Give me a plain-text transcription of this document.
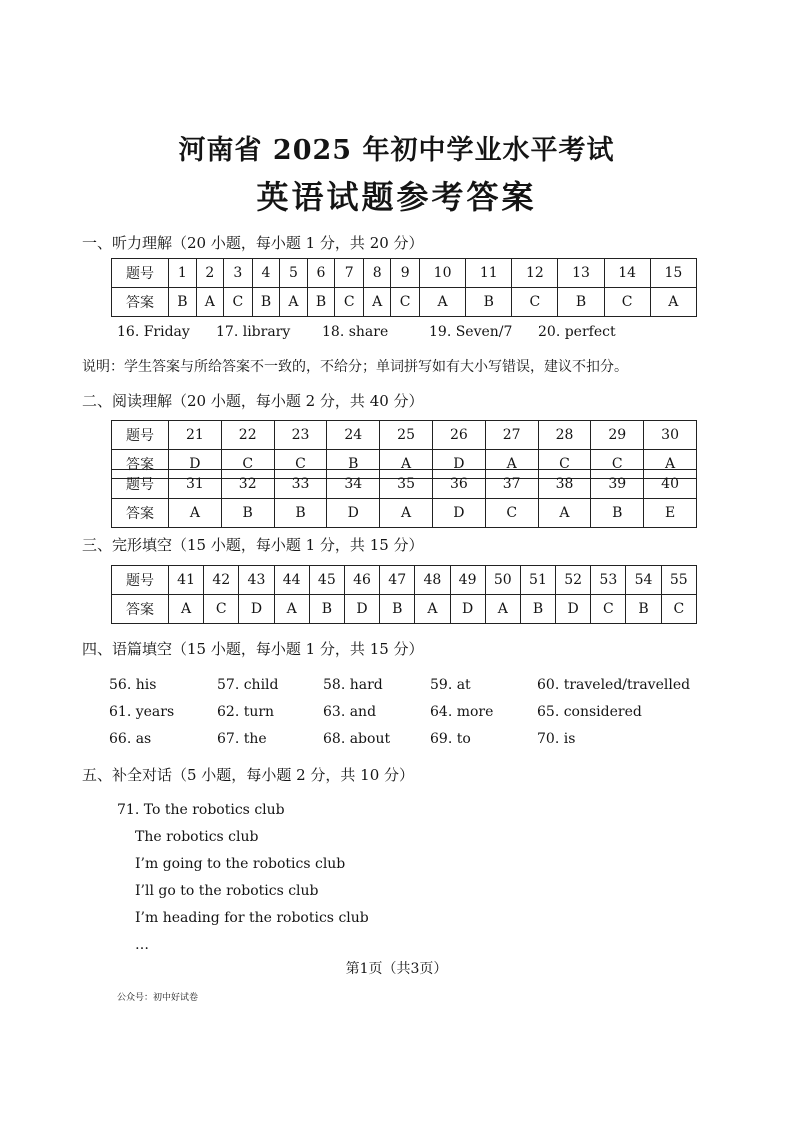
河南省 2025 年初中学业水平考试
英语试题参考答案
一、听力理解（20 小题，每小题 1 分，共 20 分）
题号	1	2	3	4	5	6	7	8	9	10	11	12	13	14	15
答案	B	A	C	B	A	B	C	A	C	A	B	C	B	C	A
16. Friday 17. library 18. share	19. Seven/7 20. perfect
说明：学生答案与所给答案不一致的，不给分；单词拼写如有大小写错误，建议不扣分。
二、阅读理解（20 小题，每小题 2 分，共 40 分）
题号	21	22	23	24	25	26	27	28	29	30
答案	D	C	C	B	A	D	A	C	C	A
题号	31	32	33	34	35	36	37	38	39	40
答案	A	B	B	D	A	D	C	A	B	E
三、完形填空（15 小题，每小题 1 分，共 15 分）
题号	41	42	43	44	45	46	47	48	49	50	51	52	53	54	55
答案	A	C	D	A	B	D	B	A	D	A	B	D	C	B	C
四、语篇填空（15 小题，每小题 1 分，共 15 分）
56. his	57. child	58. hard	59. at	60. traveled/travelled
61. years	62. turn	63. and	64. more	65. considered
66. as	67. the	68. about	69. to	70. is
五、补全对话（5 小题，每小题 2 分，共 10 分）
71. To the robotics club
The robotics club
I’m going to the robotics club
I’ll go to the robotics club
I’m heading for the robotics club
…
第1页（共3页）
公众号：初中好试卷
